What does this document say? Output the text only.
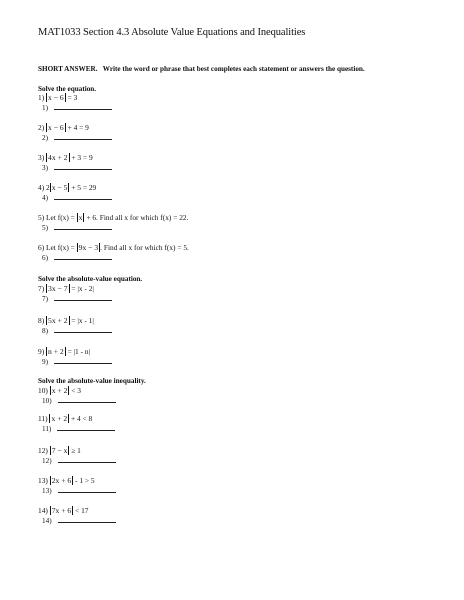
MAT1033 Section 4.3 Absolute Value Equations and Inequalities
SHORT ANSWER. Write the word or phrase that best completes each statement or answers the question.
Solve the equation.
1) x − 6 = 3
1)
2) x − 6 + 4 = 9
2)
3) 4x + 2 + 3 = 9
3)
4) 2 x − 5 + 5 = 29
4)
5) Let f(x) = x + 6. Find all x for which f(x) = 22.
5)
6) Let f(x) = 9x − 3 . Find all x for which f(x) = 5.
6)
Solve the absolute-value equation.
7) 3x − 7 = |x - 2|
7)
8) 5x + 2 = |x - 1|
8)
9) n + 2 = |1 - n|
9)
Solve the absolute-value inequality.
10) x + 2 < 3
10)
11) x + 2 + 4 < 8
11)
12) 7 − x ≥ 1
12)
13) 2x + 6 - 1 > 5
13)
14) 7x + 6 < 17
14)
